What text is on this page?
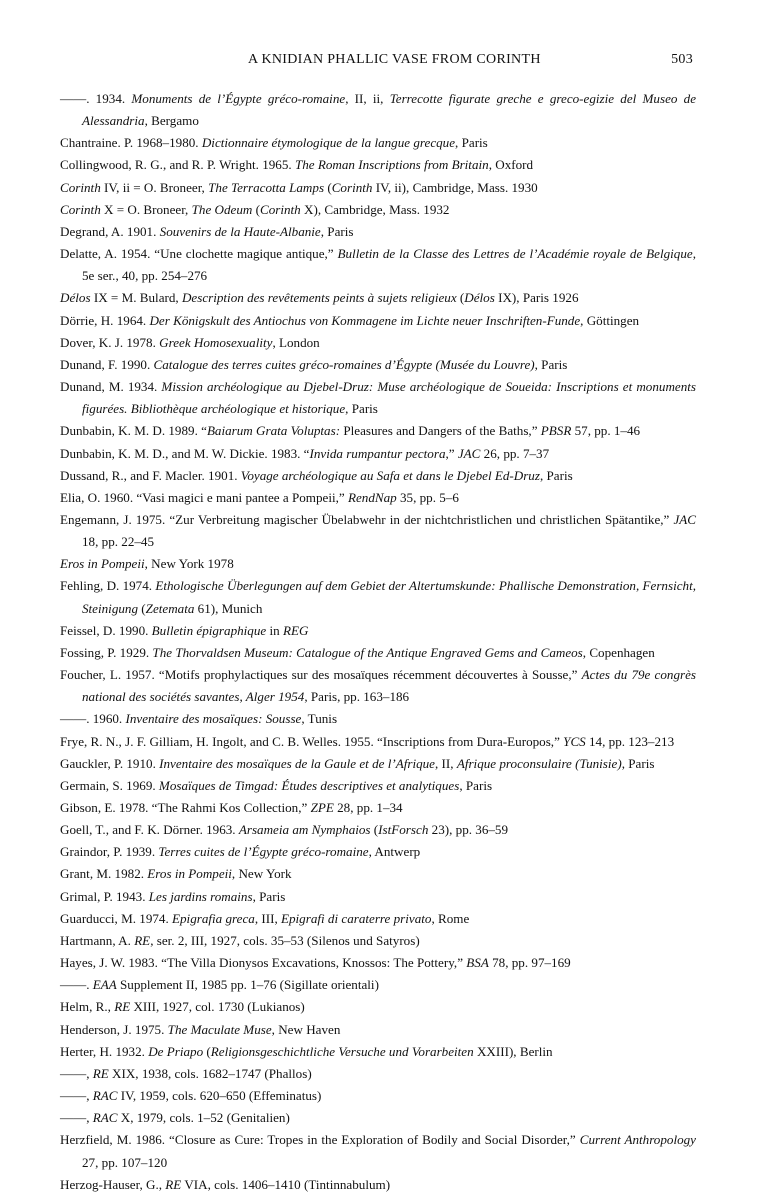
A KNIDIAN PHALLIC VASE FROM CORINTH	503
——. 1934. Monuments de l’Égypte gréco-romaine, II, ii, Terrecotte figurate greche e greco-egizie del Museo de Alessandria, Bergamo
Chantraine. P. 1968–1980. Dictionnaire étymologique de la langue grecque, Paris
Collingwood, R. G., and R. P. Wright. 1965. The Roman Inscriptions from Britain, Oxford
Corinth IV, ii = O. Broneer, The Terracotta Lamps (Corinth IV, ii), Cambridge, Mass. 1930
Corinth X = O. Broneer, The Odeum (Corinth X), Cambridge, Mass. 1932
Degrand, A. 1901. Souvenirs de la Haute-Albanie, Paris
Delatte, A. 1954. “Une clochette magique antique,” Bulletin de la Classe des Lettres de l’Académie royale de Belgique, 5e ser., 40, pp. 254–276
Délos IX = M. Bulard, Description des revêtements peints à sujets religieux (Délos IX), Paris 1926
Dörrie, H. 1964. Der Königskult des Antiochus von Kommagene im Lichte neuer Inschriften-Funde, Göttingen
Dover, K. J. 1978. Greek Homosexuality, London
Dunand, F. 1990. Catalogue des terres cuites gréco-romaines d’Égypte (Musée du Louvre), Paris
Dunand, M. 1934. Mission archéologique au Djebel-Druz: Muse archéologique de Soueida: Inscriptions et monuments figurées. Bibliothèque archéologique et historique, Paris
Dunbabin, K. M. D. 1989. “Baiarum Grata Voluptas: Pleasures and Dangers of the Baths,” PBSR 57, pp. 1–46
Dunbabin, K. M. D., and M. W. Dickie. 1983. “Invida rumpantur pectora,” JAC 26, pp. 7–37
Dussand, R., and F. Macler. 1901. Voyage archéologique au Safa et dans le Djebel Ed-Druz, Paris
Elia, O. 1960. “Vasi magici e mani pantee a Pompeii,” RendNap 35, pp. 5–6
Engemann, J. 1975. “Zur Verbreitung magischer Übelabwehr in der nichtchristlichen und christlichen Spätantike,” JAC 18, pp. 22–45
Eros in Pompeii, New York 1978
Fehling, D. 1974. Ethologische Überlegungen auf dem Gebiet der Altertumskunde: Phallische Demonstration, Fernsicht, Steinigung (Zetemata 61), Munich
Feissel, D. 1990. Bulletin épigraphique in REG
Fossing, P. 1929. The Thorvaldsen Museum: Catalogue of the Antique Engraved Gems and Cameos, Copenhagen
Foucher, L. 1957. “Motifs prophylactiques sur des mosaïques récemment découvertes à Sousse,” Actes du 79e congrès national des sociétés savantes, Alger 1954, Paris, pp. 163–186
——. 1960. Inventaire des mosaïques: Sousse, Tunis
Frye, R. N., J. F. Gilliam, H. Ingolt, and C. B. Welles. 1955. “Inscriptions from Dura-Europos,” YCS 14, pp. 123–213
Gauckler, P. 1910. Inventaire des mosaïques de la Gaule et de l’Afrique, II, Afrique proconsulaire (Tunisie), Paris
Germain, S. 1969. Mosaïques de Timgad: Études descriptives et analytiques, Paris
Gibson, E. 1978. “The Rahmi Kos Collection,” ZPE 28, pp. 1–34
Goell, T., and F. K. Dörner. 1963. Arsameia am Nymphaios (IstForsch 23), pp. 36–59
Graindor, P. 1939. Terres cuites de l’Égypte gréco-romaine, Antwerp
Grant, M. 1982. Eros in Pompeii, New York
Grimal, P. 1943. Les jardins romains, Paris
Guarducci, M. 1974. Epigrafia greca, III, Epigrafi di caraterre privato, Rome
Hartmann, A. RE, ser. 2, III, 1927, cols. 35–53 (Silenos und Satyros)
Hayes, J. W. 1983. “The Villa Dionysos Excavations, Knossos: The Pottery,” BSA 78, pp. 97–169
——. EAA Supplement II, 1985 pp. 1–76 (Sigillate orientali)
Helm, R., RE XIII, 1927, col. 1730 (Lukianos)
Henderson, J. 1975. The Maculate Muse, New Haven
Herter, H. 1932. De Priapo (Religionsgeschichtliche Versuche und Vorarbeiten XXIII), Berlin
——, RE XIX, 1938, cols. 1682–1747 (Phallos)
——, RAC IV, 1959, cols. 620–650 (Effeminatus)
——, RAC X, 1979, cols. 1–52 (Genitalien)
Herzfield, M. 1986. “Closure as Cure: Tropes in the Exploration of Bodily and Social Disorder,” Current Anthropology 27, pp. 107–120
Herzog-Hauser, G., RE VIA, cols. 1406–1410 (Tintinnabulum)
